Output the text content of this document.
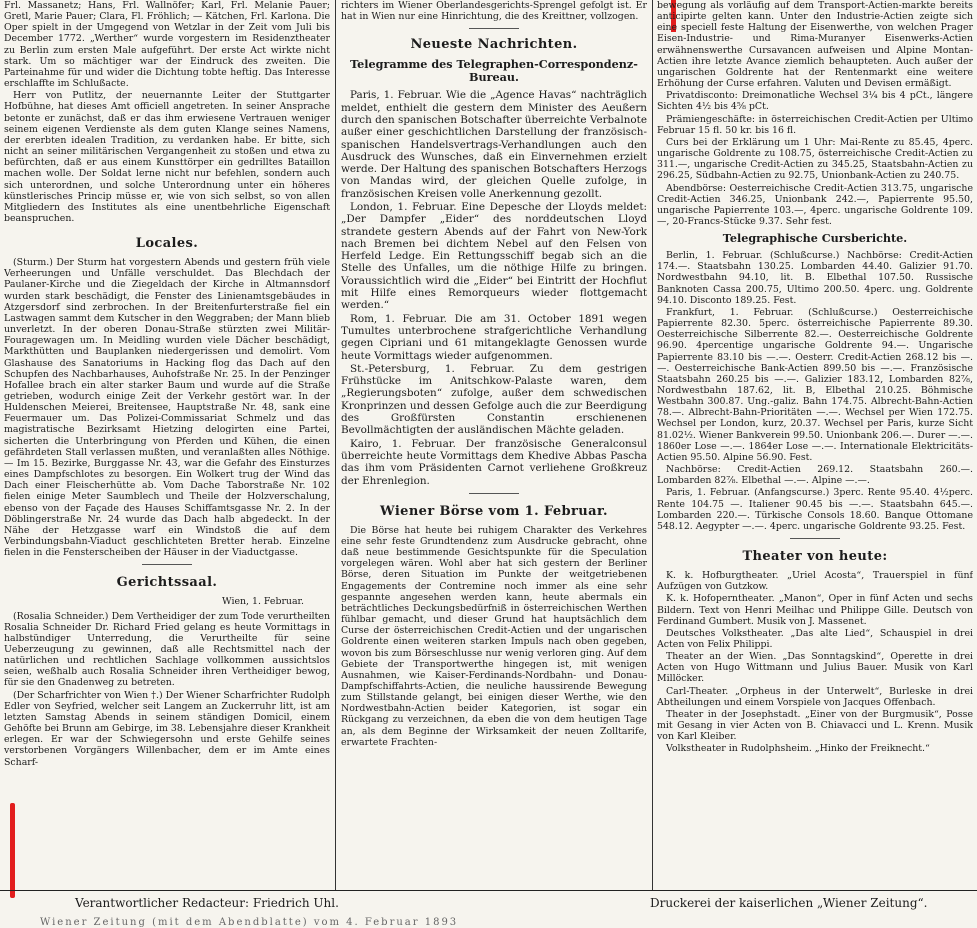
Frl. Massanetz; Hans, Frl. Wallnöfer; Karl, Frl. Melanie Pauer; Gretl, Marie Pauer; Clara, Fl. Fröhlich; — Kätchen, Frl. Karlona. Die Oper spielt in der Umgegend von Wetzlar in der Zeit vom Juli bis December 1772. „Werther“ wurde vorgestern im Residenztheater zu Berlin zum ersten Male aufgeführt. Der erste Act wirkte nicht stark. Um so mächtiger war der Eindruck des zweiten. Die Parteinahme für und wider die Dichtung tobte heftig. Das Interesse erschlaffte im Schlußacte.

Herr von Putlitz, der neuernannte Leiter der Stuttgarter Hofbühne, hat dieses Amt officiell angetreten. In seiner Ansprache betonte er zunächst, daß er das ihm erwiesene Vertrauen weniger seinem eigenen Verdienste als dem guten Klange seines Namens, der ererbten idealen Tradition, zu verdanken habe. Er bitte, sich nicht an seiner militärischen Vergangenheit zu stoßen und etwa zu befürchten, daß er aus einem Kunsttörper ein gedrilltes Bataillon machen wolle. Der Soldat lerne nicht nur befehlen, sondern auch sich unterordnen, und solche Unterordnung unter ein höheres künstlerisches Princip müsse er, wie von sich selbst, so von allen Mitgliedern des Institutes als eine unentbehrliche Eigenschaft beanspruchen.

Locales.

(Sturm.) Der Sturm hat vorgestern Abends und gestern früh viele Verheerungen und Unfälle verschuldet. Das Blechdach der Paulaner-Kirche und die Ziegeldach der Kirche in Altmannsdorf wurden stark beschädigt, die Fenster des Linienamtsgebäudes in Atzgersdorf sind zerbrochen. In der Breitenfurterstraße fiel ein Lastwagen sammt dem Kutscher in den Weggraben; der Mann blieb unverletzt. In der oberen Donau-Straße stürzten zwei Militär-Fouragewagen um. In Meidling wurden viele Dächer beschädigt, Markthütten und Bauplanken niedergerissen und demolirt. Vom Glashause des Sanatoriums in Hacking flog das Dach auf den Schupfen des Nachbarhauses, Auhofstraße Nr. 25. In der Penzinger Hofallee brach ein alter starker Baum und wurde auf die Straße getrieben, wodurch einige Zeit der Verkehr gestört war. In der Huldenschen Meierei, Breitensee, Hauptstraße Nr. 48, sank eine Feuermauer um. Das Polizei-Commissariat Schmelz und das magistratische Bezirksamt Hietzing delogirten eine Partei, sicherten die Unterbringung von Pferden und Kühen, die einen gefährdeten Stall verlassen mußten, und veranlaßten alles Nöthige. — Im 15. Bezirke, Burggasse Nr. 43, war die Gefahr des Einsturzes eines Dampfschlotes zu besorgen. Ein Wolkert trug der Wind das Dach einer Fleischerhütte ab. Vom Dache Taborstraße Nr. 102 fielen einige Meter Saumblech und Theile der Holzverschalung, ebenso von der Façade des Hauses Schiffamtsgasse Nr. 2. In der Döblingerstraße Nr. 24 wurde das Dach halb abgedeckt. In der Nähe der Hetzgasse warf ein Windstoß die auf dem Verbindungsbahn-Viaduct geschlichteten Bretter herab. Einzelne fielen in die Fensterscheiben der Häuser in der Viaductgasse.

Gerichtssaal.
Wien, 1. Februar.

(Rosalia Schneider.) Dem Vertheidiger der zum Tode verurtheilten Rosalia Schneider Dr. Richard Fried gelang es heute Vormittags in halbstündiger Unterredung, die Verurtheilte für seine Ueberzeugung zu gewinnen, daß alle Rechtsmittel nach der natürlichen und rechtlichen Sachlage vollkommen aussichtslos seien, weßhalb auch Rosalia Schneider ihren Vertheidiger bewog, für sie den Gnadenweg zu betreten.

(Der Scharfrichter von Wien †.) Der Wiener Scharfrichter Rudolph Edler von Seyfried, welcher seit Langem an Zuckerruhr litt, ist am letzten Samstag Abends in seinem ständigen Domicil, einem Gehöfte bei Brunn am Gebirge, im 38. Lebensjahre dieser Krankheit erlegen. Er war der Schwiegersohn und erste Gehilfe seines verstorbenen Vorgängers Willenbacher, dem er im Amte eines Scharf-

richters im Wiener Oberlandesgerichts-Sprengel gefolgt ist. Er hat in Wien nur eine Hinrichtung, die des Kreittner, vollzogen.

Neueste Nachrichten.
Telegramme des Telegraphen-Correspondenz-Bureau.

Paris, 1. Februar. Wie die „Agence Havas“ nachträglich meldet, enthielt die gestern dem Minister des Aeußern durch den spanischen Botschafter überreichte Verbalnote außer einer geschichtlichen Darstellung der französisch-spanischen Handelsvertrags-Verhandlungen auch den Ausdruck des Wunsches, daß ein Einvernehmen erzielt werde. Der Haltung des spanischen Botschafters Herzogs von Mandas wird, der gleichen Quelle zufolge, in französischen Kreisen volle Anerkennung gezollt.

London, 1. Februar. Eine Depesche der Lloyds meldet: „Der Dampfer „Eider“ des norddeutschen Lloyd strandete gestern Abends auf der Fahrt von New-York nach Bremen bei dichtem Nebel auf den Felsen von Herfeld Ledge. Ein Rettungsschiff begab sich an die Stelle des Unfalles, um die nöthige Hilfe zu bringen. Voraussichtlich wird die „Eider“ bei Eintritt der Hochflut mit Hilfe eines Remorqueurs wieder flottgemacht werden.“

Rom, 1. Februar. Die am 31. October 1891 wegen Tumultes unterbrochene strafgerichtliche Verhandlung gegen Cipriani und 61 mitangeklagte Genossen wurde heute Vormittags wieder aufgenommen.

St.-Petersburg, 1. Februar. Zu dem gestrigen Frühstücke im Anitschkow-Palaste waren, dem „Regierungsboten“ zufolge, außer dem schwedischen Kronprinzen und dessen Gefolge auch die zur Beerdigung des Großfürsten Constantin erschienenen Bevollmächtigten der ausländischen Mächte geladen.

Kairo, 1. Februar. Der französische Generalconsul überreichte heute Vormittags dem Khedive Abbas Pascha das ihm vom Präsidenten Carnot verliehene Großkreuz der Ehrenlegion.

Wiener Börse vom 1. Februar.

Die Börse hat heute bei ruhigem Charakter des Verkehres eine sehr feste Grundtendenz zum Ausdrucke gebracht, ohne daß neue bestimmende Gesichtspunkte für die Speculation vorgelegen wären. Wohl aber hat sich gestern der Berliner Börse, deren Situation im Punkte der weitgetriebenen Engagements der Contremine noch immer als eine sehr gespannte angesehen werden kann, heute abermals ein beträchtliches Deckungsbedürfniß in österreichischen Werthen fühlbar gemacht, und dieser Grund hat hauptsächlich dem Curse der österreichischen Credit-Actien und der ungarischen Goldrente einen weiteren starken Impuls nach oben gegeben, wovon bis zum Börseschlusse nur wenig verloren ging. Auf dem Gebiete der Transportwerthe hingegen ist, mit wenigen Ausnahmen, wie Kaiser-Ferdinands-Nordbahn- und Donau-Dampfschiffahrts-Actien, die neuliche haussirende Bewegung zum Stillstande gelangt, bei einigen dieser Werthe, wie den Nordwestbahn-Actien beider Kategorien, ist sogar ein Rückgang zu verzeichnen, da eben die von dem heutigen Tage an, als dem Beginne der Wirksamkeit der neuen Zolltarife, erwartete Frachten-

bewegung als vorläufig auf dem Transport-Actien-markte bereits anticipirte gelten kann. Unter den Industrie-Actien zeigte sich eine speciell feste Haltung der Eisenwerthe, von welchen Prager Eisen-Industrie- und Rima-Muranyer Eisenwerks-Actien erwähnenswerthe Cursavancen aufweisen und Alpine Montan-Actien ihre letzte Avance ziemlich behaupteten. Auch außer der ungarischen Goldrente hat der Rentenmarkt eine weitere Erhöhung der Curse erfahren. Valuten und Devisen ermäßigt.

Privatdisconto: Dreimonatliche Wechsel 3¼ bis 4 pCt., längere Sichten 4½ bis 4⅝ pCt.

Prämiengeschäfte: in österreichischen Credit-Actien per Ultimo Februar 15 fl. 50 kr. bis 16 fl.

Curs bei der Erklärung um 1 Uhr: Mai-Rente zu 85.45, 4perc. ungarische Goldrente zu 108.75, österreichische Credit-Actien zu 311.—, ungarische Credit-Actien zu 345.25, Staatsbahn-Actien zu 296.25, Südbahn-Actien zu 92.75, Unionbank-Actien zu 240.75.

Abendbörse: Oesterreichische Credit-Actien 313.75, ungarische Credit-Actien 346.25, Unionbank 242.—, Papierrente 95.50, ungarische Papierrente 103.—, 4perc. ungarische Goldrente 109.—, 20-Francs-Stücke 9.37. Sehr fest.

Telegraphische Cursberichte.

Berlin, 1. Februar. (Schlußcurse.) Nachbörse: Credit-Actien 174.—. Staatsbahn 130.25. Lombarden 44.40. Galizier 91.70. Nordwestbahn 94.10, lit. B. Elbethal 107.50. Russische Banknoten Cassa 200.75, Ultimo 200.50. 4perc. ung. Goldrente 94.10. Disconto 189.25. Fest.

Frankfurt, 1. Februar. (Schlußcurse.) Oesterreichische Papierrente 82.30. 5perc. österreichische Papierrente 89.30. Oesterreichische Silberrente 82.—. Oesterreichische Goldrente 96.90. 4percentige ungarische Goldrente 94.—. Ungarische Papierrente 83.10 bis —.—. Oesterr. Credit-Actien 268.12 bis —.—. Oesterreichische Bank-Actien 899.50 bis —.—. Französische Staatsbahn 260.25 bis —.—. Galizier 183.12, Lombarden 82⅞, Nordwestbahn 187.62, lit. B, Elbethal 210.25. Böhmische Westbahn 300.87. Ung.-galiz. Bahn 174.75. Albrecht-Bahn-Actien 78.—. Albrecht-Bahn-Prioritäten —.—. Wechsel per Wien 172.75. Wechsel per London, kurz, 20.37. Wechsel per Paris, kurze Sicht 81.02⅟₂. Wiener Bankverein 99.50. Unionbank 206.—. Durer —.—. 1860er Lose —.—. 1864er Lose —.—. Internationale Elektricitäts-Actien 95.50. Alpine 56.90. Fest.

Nachbörse: Credit-Actien 269.12. Staatsbahn 260.—. Lombarden 82⅞. Elbethal —.—. Alpine —.—.

Paris, 1. Februar. (Anfangscurse.) 3perc. Rente 95.40. 4½perc. Rente 104.75 —. Italiener 90.45 bis —.—. Staatsbahn 645.—. Lombarden 220.—. Türkische Consols 18.60. Banque Ottomane 548.12. Aegypter —.—. 4perc. ungarische Goldrente 93.25. Fest.

Theater von heute:

K. k. Hofburgtheater. „Uriel Acosta“, Trauerspiel in fünf Aufzügen von Gutzkow.

K. k. Hofoperntheater. „Manon“, Oper in fünf Acten und sechs Bildern. Text von Henri Meilhac und Philippe Gille. Deutsch von Ferdinand Gumbert. Musik von J. Massenet.

Deutsches Volkstheater. „Das alte Lied“, Schauspiel in drei Acten von Felix Philippi.

Theater an der Wien. „Das Sonntagskind“, Operette in drei Acten von Hugo Wittmann und Julius Bauer. Musik von Karl Millöcker.

Carl-Theater. „Orpheus in der Unterwelt“, Burleske in drei Abtheilungen und einem Vorspiele von Jacques Offenbach.

Theater in der Josephstadt. „Einer von der Burgmusik“, Posse mit Gesang in vier Acten von B. Chiavacci und L. Krenn. Musik von Karl Kleiber.

Volkstheater in Rudolphsheim. „Hinko der Freiknecht.“

Verantwortlicher Redacteur: Friedrich Uhl.	Druckerei der kaiserlichen „Wiener Zeitung“.
Wiener Zeitung (mit dem Abendblatte) vom 4. Februar 1893
